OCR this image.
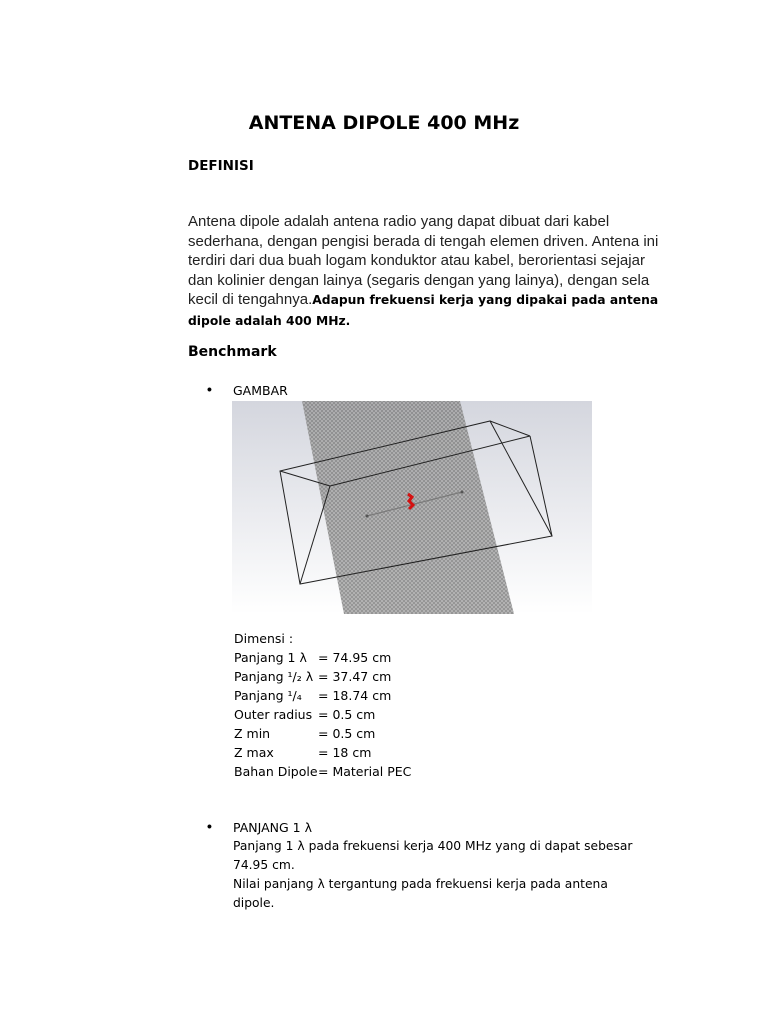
ANTENA DIPOLE 400 MHz
DEFINISI
Antena dipole adalah antena radio yang dapat dibuat dari kabel sederhana, dengan pengisi berada di tengah elemen driven. Antena ini terdiri dari dua buah logam konduktor atau kabel, berorientasi sejajar dan kolinier dengan lainya (segaris dengan yang lainya), dengan sela kecil di tengahnya.Adapun frekuensi kerja yang dipakai pada antena dipole adalah 400 MHz.
Benchmark
• GAMBAR
Dimensi :
Panjang 1 λ = 74.95 cm
Panjang ¹/₂ λ = 37.47 cm
Panjang ¹/₄ = 18.74 cm
Outer radius = 0.5 cm
Z min	= 0.5 cm
Z max	= 18 cm
Bahan Dipole= Material PEC
• PANJANG 1 λ
Panjang 1 λ pada frekuensi kerja 400 MHz yang di dapat sebesar
74.95 cm.
Nilai panjang λ tergantung pada frekuensi kerja pada antena dipole.
